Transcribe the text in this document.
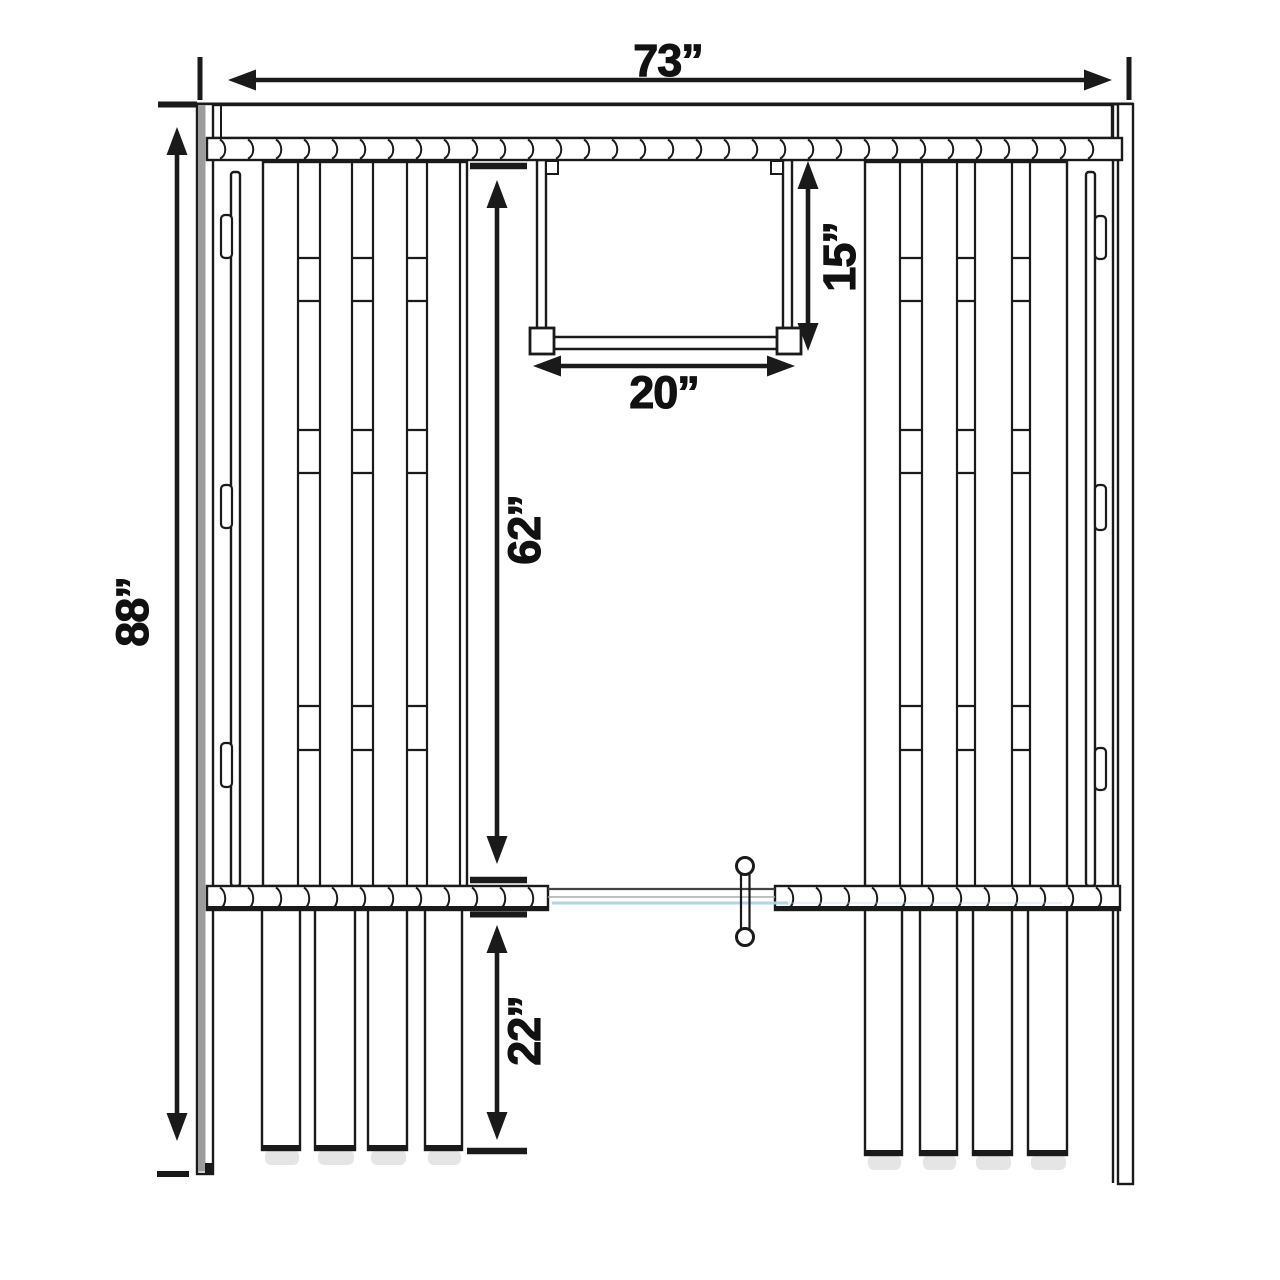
73”
88”
62”
22”
15”
20”
